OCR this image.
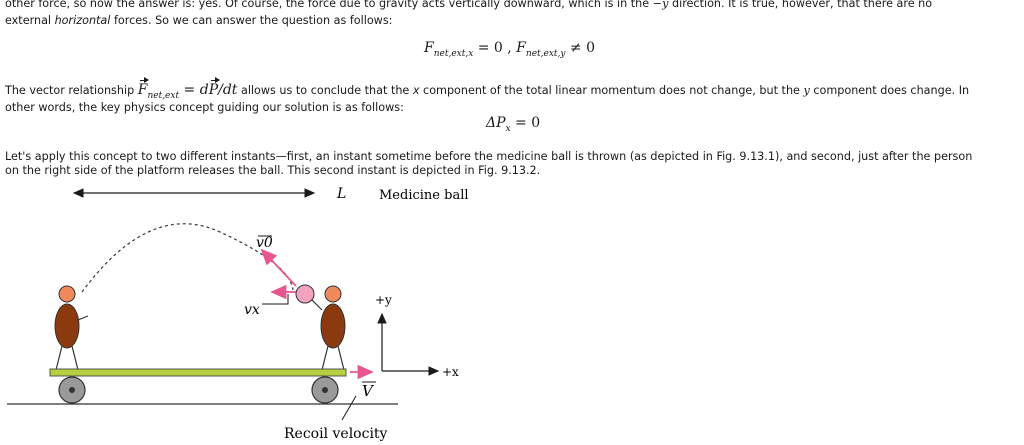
other force, so now the answer is: yes. Of course, the force due to gravity acts vertically downward, which is in the −y direction. It is true, however, that there are no
external horizontal forces. So we can answer the question as follows:
$F_{net,ext,x} = 0$ , $F_{net,ext,y} \ne 0$
The vector relationship $F_{net,ext} = dP/dt$ allows us to conclude that the x component of the total linear momentum does not change, but the y component does change. In
other words, the key physics concept guiding our solution is as follows:
$\Delta P_x = 0$
Let's apply this concept to two different instants—first, an instant sometime before the medicine ball is thrown (as depicted in Fig. 9.13.1), and second, just after the person
on the right side of the platform releases the ball. This second instant is depicted in Fig. 9.13.2.
L	Medicine ball
v0
vx
V
Recoil velocity
+y
+x
